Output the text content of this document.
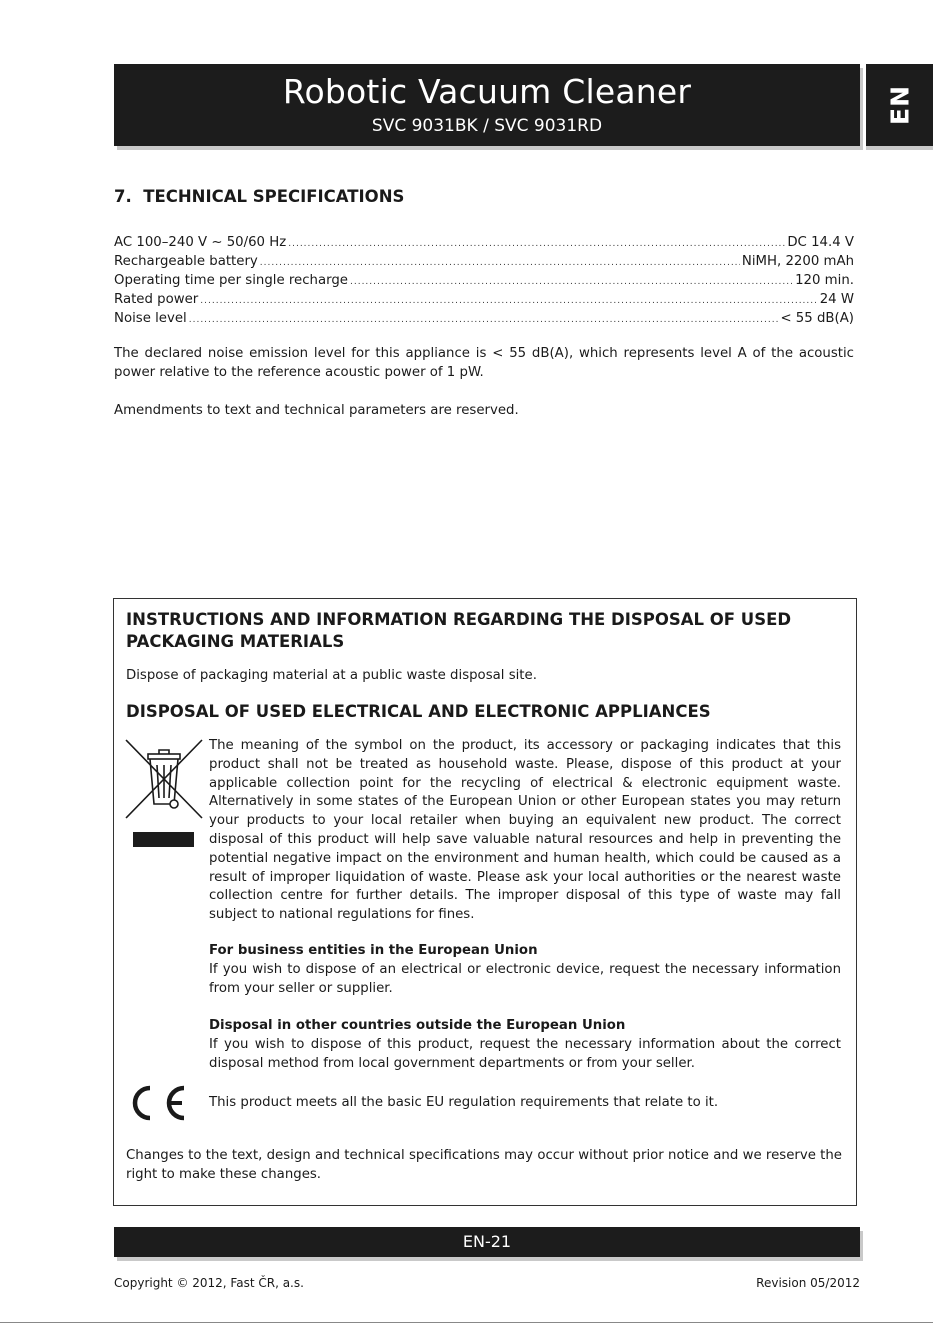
Robotic Vacuum Cleaner
SVC 9031BK / SVC 9031RD
EN
7.  TECHNICAL SPECIFICATIONS
AC 100–240 V ~ 50/60 Hz .....	DC 14.4 V
Rechargeable battery .....	NiMH, 2200 mAh
Operating time per single recharge .....	120 min.
Rated power .....	24 W
Noise level .....	< 55 dB(A)
The declared noise emission level for this appliance is < 55 dB(A), which represents level A of the acoustic power relative to the reference acoustic power of 1 pW.
Amendments to text and technical parameters are reserved.
INSTRUCTIONS AND INFORMATION REGARDING THE DISPOSAL OF USED PACKAGING MATERIALS
Dispose of packaging material at a public waste disposal site.
DISPOSAL OF USED ELECTRICAL AND ELECTRONIC APPLIANCES
The meaning of the symbol on the product, its accessory or packaging indicates that this product shall not be treated as household waste. Please, dispose of this product at your applicable collection point for the recycling of electrical & electronic equipment waste. Alternatively in some states of the European Union or other European states you may return your products to your local retailer when buying an equivalent new product. The correct disposal of this product will help save valuable natural resources and help in preventing the potential negative impact on the environment and human health, which could be caused as a result of improper liquidation of waste. Please ask your local authorities or the nearest waste collection centre for further details. The improper disposal of this type of waste may fall subject to national regulations for fines.
For business entities in the European Union
If you wish to dispose of an electrical or electronic device, request the necessary information from your seller or supplier.
Disposal in other countries outside the European Union
If you wish to dispose of this product, request the necessary information about the correct disposal method from local government departments or from your seller.
This product meets all the basic EU regulation requirements that relate to it.
Changes to the text, design and technical specifications may occur without prior notice and we reserve the right to make these changes.
EN-21
Copyright © 2012, Fast ČR, a.s.	Revision 05/2012
